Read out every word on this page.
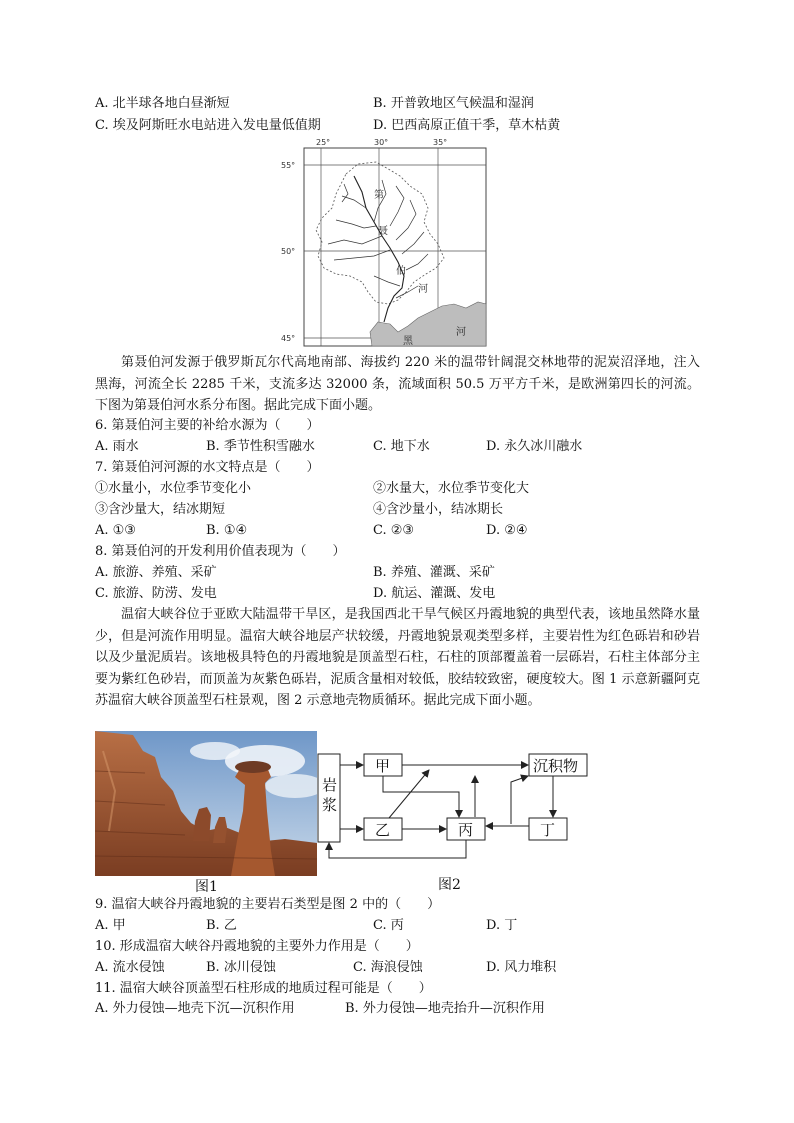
A. 北半球各地白昼渐短	B. 开普敦地区气候温和湿润
C. 埃及阿斯旺水电站进入发电量低值期	D. 巴西高原正值干季，草木枯黄
25°	30°	35°
55°
50°
45°
第
聂
伯
河
黑
河
第聂伯河发源于俄罗斯瓦尔代高地南部、海拔约 220 米的温带针阔混交林地带的泥炭沼泽地，注入黑海，河流全长 2285 千米，支流多达 32000 条，流域面积 50.5 万平方千米，是欧洲第四长的河流。下图为第聂伯河水系分布图。据此完成下面小题。
6. 第聂伯河主要的补给水源为（　　）
A. 雨水	B. 季节性积雪融水	C. 地下水	D. 永久冰川融水
7. 第聂伯河河源的水文特点是（　　）
①水量小，水位季节变化小	②水量大，水位季节变化大
③含沙量大，结冰期短	④含沙量小，结冰期长
A. ①③	B. ①④	C. ②③	D. ②④
8. 第聂伯河的开发利用价值表现为（　　）
A. 旅游、养殖、采矿	B. 养殖、灌溉、采矿
C. 旅游、防涝、发电	D. 航运、灌溉、发电
温宿大峡谷位于亚欧大陆温带干旱区，是我国西北干旱气候区丹霞地貌的典型代表，该地虽然降水量少，但是河流作用明显。温宿大峡谷地层产状较缓，丹霞地貌景观类型多样，主要岩性为红色砾岩和砂岩以及少量泥质岩。该地极具特色的丹霞地貌是顶盖型石柱，石柱的顶部覆盖着一层砾岩，石柱主体部分主要为紫红色砂岩，而顶盖为灰紫色砾岩，泥质含量相对较低，胶结较致密，硬度较大。图 1 示意新疆阿克苏温宿大峡谷顶盖型石柱景观，图 2 示意地壳物质循环。据此完成下面小题。
图1
岩
浆
甲	沉积物
乙	丙	丁
图2
9. 温宿大峡谷丹霞地貌的主要岩石类型是图 2 中的（　　）
A. 甲	B. 乙	C. 丙	D. 丁
10. 形成温宿大峡谷丹霞地貌的主要外力作用是（　　）
A. 流水侵蚀	B. 冰川侵蚀	C. 海浪侵蚀	D. 风力堆积
11. 温宿大峡谷顶盖型石柱形成的地质过程可能是（　　）
A. 外力侵蚀—地壳下沉—沉积作用	B. 外力侵蚀—地壳抬升—沉积作用
